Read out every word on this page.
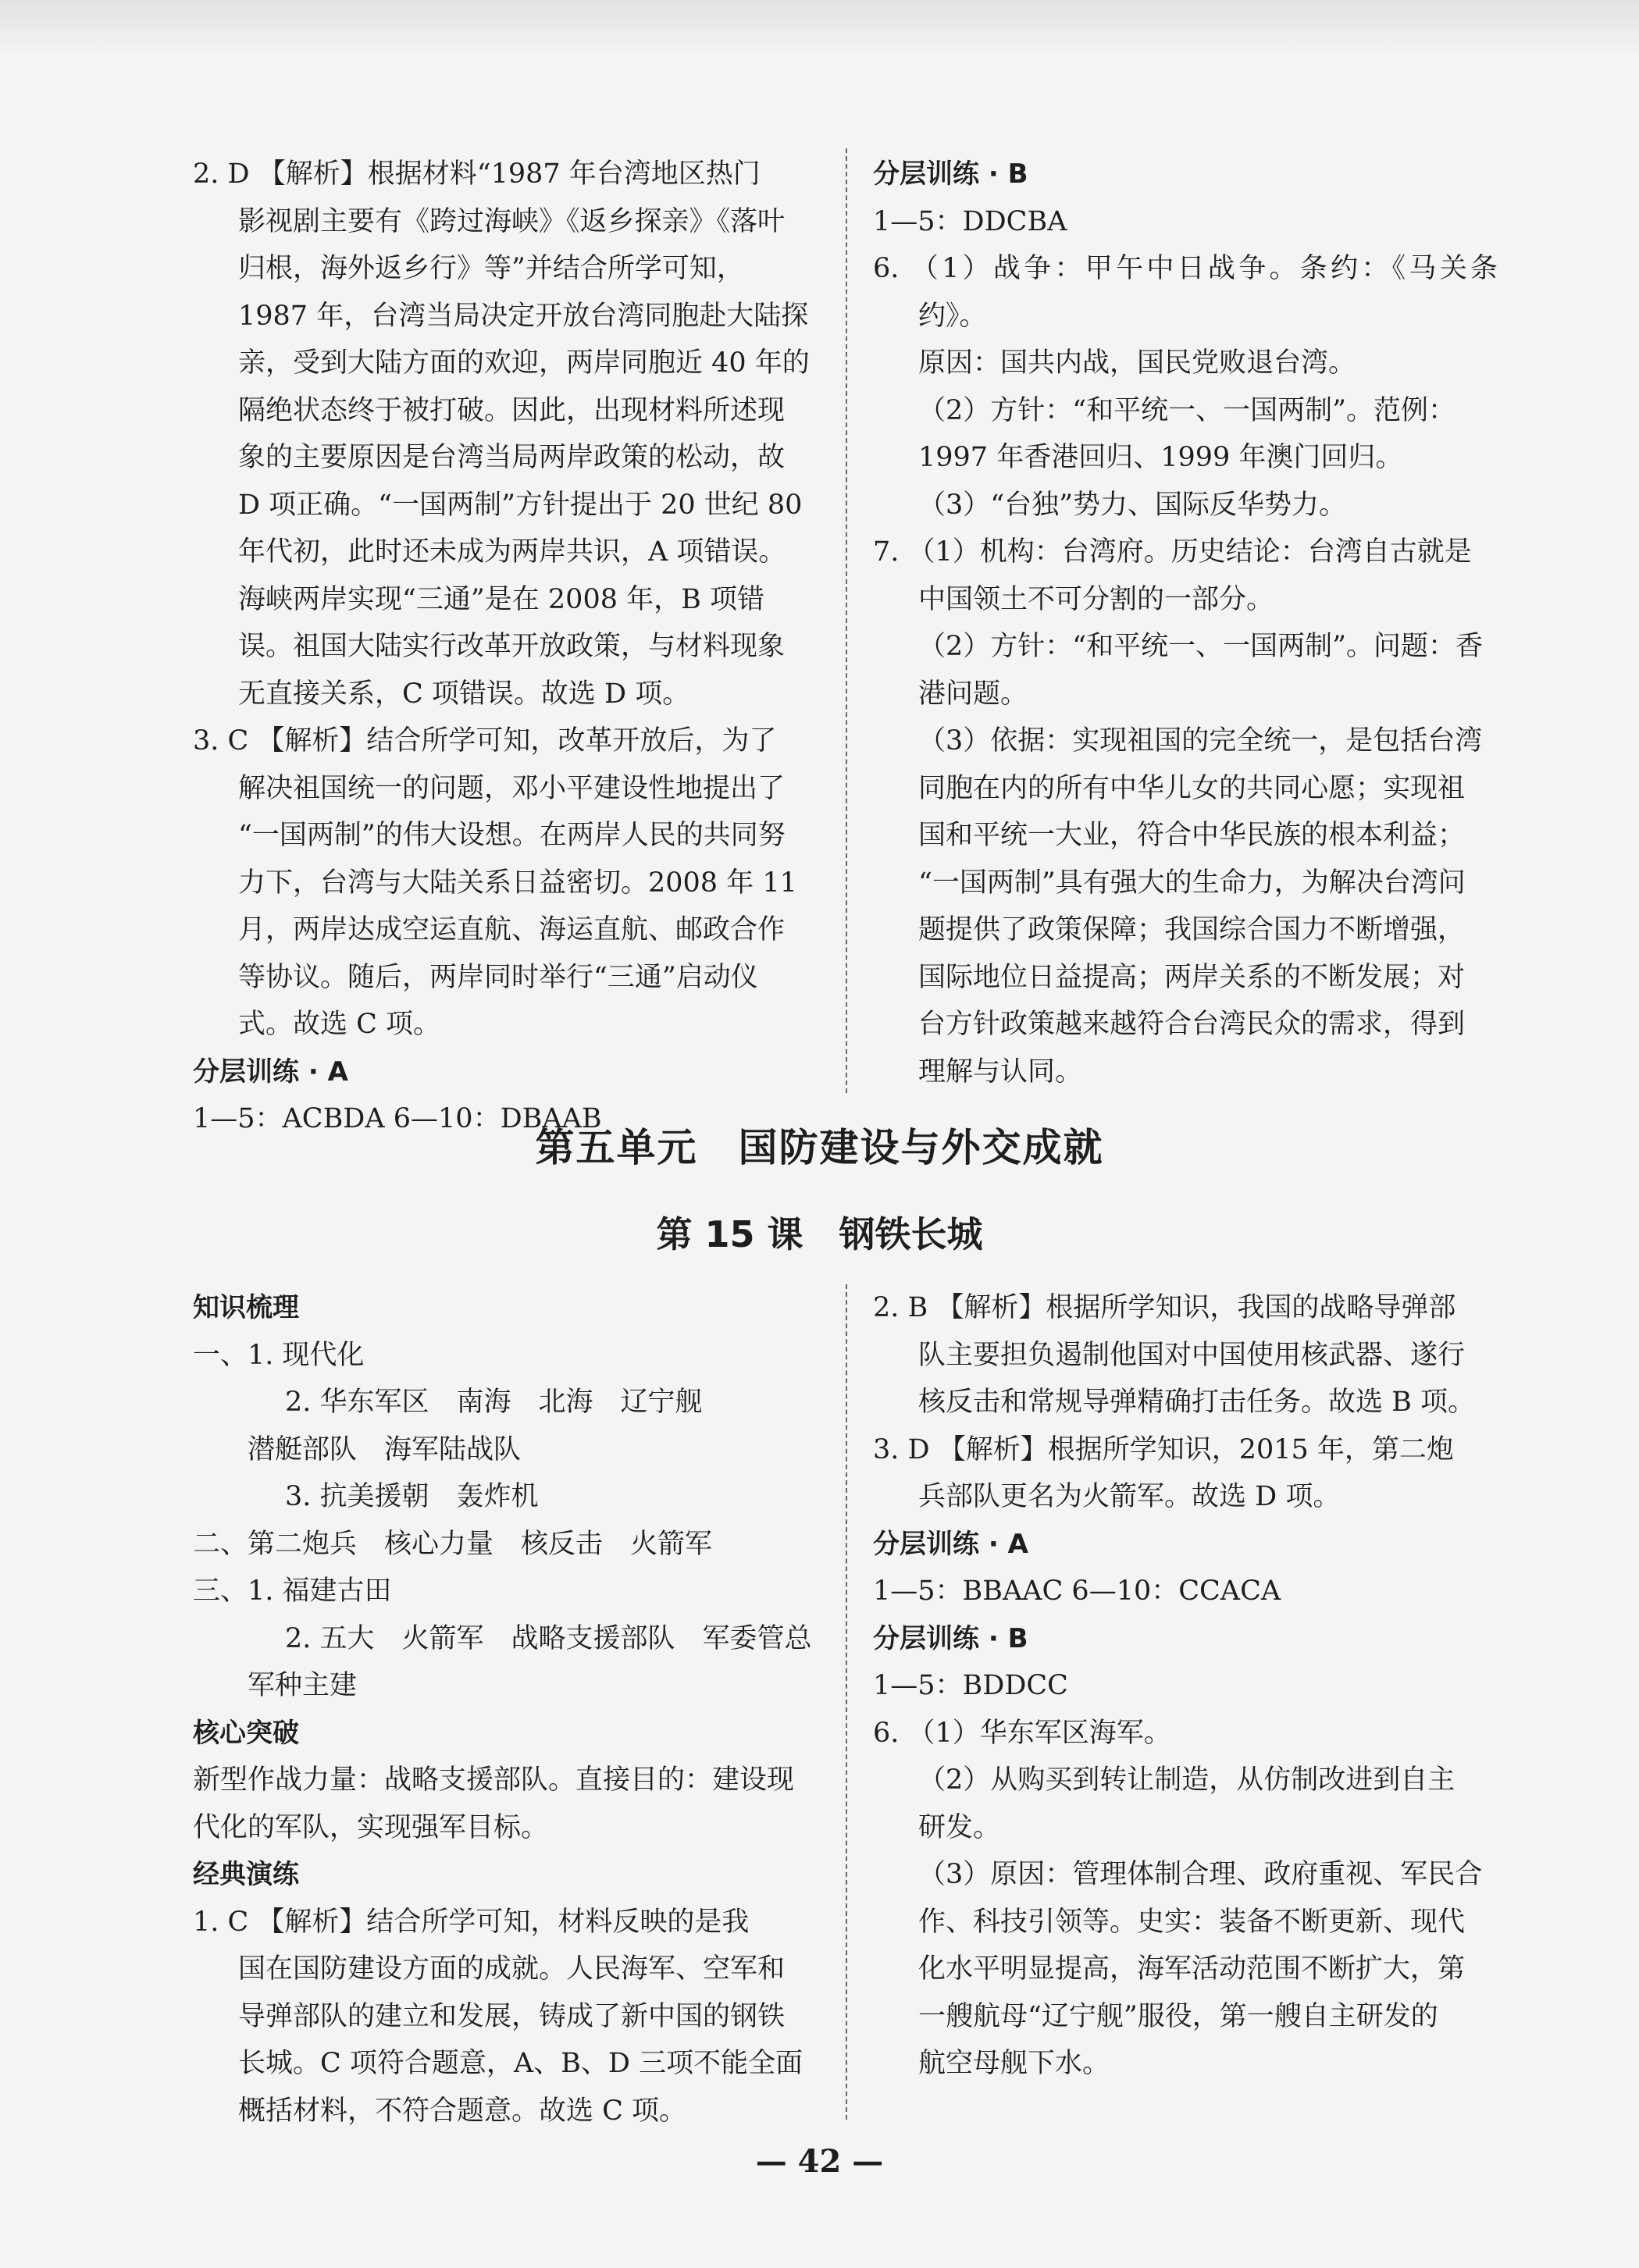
2. D 【解析】根据材料“1987 年台湾地区热门

影视剧主要有《跨过海峡》《返乡探亲》《落叶

归根，海外返乡行》等”并结合所学可知，

1987 年，台湾当局决定开放台湾同胞赴大陆探

亲，受到大陆方面的欢迎，两岸同胞近 40 年的

隔绝状态终于被打破。因此，出现材料所述现

象的主要原因是台湾当局两岸政策的松动，故

D 项正确。“一国两制”方针提出于 20 世纪 80

年代初，此时还未成为两岸共识，A 项错误。

海峡两岸实现“三通”是在 2008 年，B 项错

误。祖国大陆实行改革开放政策，与材料现象

无直接关系，C 项错误。故选 D 项。

3. C 【解析】结合所学可知，改革开放后，为了

解决祖国统一的问题，邓小平建设性地提出了

“一国两制”的伟大设想。在两岸人民的共同努

力下，台湾与大陆关系日益密切。2008 年 11

月，两岸达成空运直航、海运直航、邮政合作

等协议。随后，两岸同时举行“三通”启动仪

式。故选 C 项。

分层训练 · A

1—5：ACBDA 6—10：DBAAB

分层训练 · B

1—5：DDCBA

6. （1）战争：甲午中日战争。条约：《马关条约》。

原因：国共内战，国民党败退台湾。

（2）方针：“和平统一、一国两制”。范例：

1997 年香港回归、1999 年澳门回归。

（3）“台独”势力、国际反华势力。

7. （1）机构：台湾府。历史结论：台湾自古就是

中国领土不可分割的一部分。

（2）方针：“和平统一、一国两制”。问题：香

港问题。

（3）依据：实现祖国的完全统一，是包括台湾

同胞在内的所有中华儿女的共同心愿；实现祖

国和平统一大业，符合中华民族的根本利益；

“一国两制”具有强大的生命力，为解决台湾问

题提供了政策保障；我国综合国力不断增强，

国际地位日益提高；两岸关系的不断发展；对

台方针政策越来越符合台湾民众的需求，得到

理解与认同。

第五单元　国防建设与外交成就
第 15 课　钢铁长城

知识梳理

一、1. 现代化

2. 华东军区　南海　北海　辽宁舰

潜艇部队　海军陆战队

3. 抗美援朝　轰炸机

二、第二炮兵　核心力量　核反击　火箭军

三、1. 福建古田

2. 五大　火箭军　战略支援部队　军委管总

军种主建

核心突破

新型作战力量：战略支援部队。直接目的：建设现

代化的军队，实现强军目标。

经典演练

1. C 【解析】结合所学可知，材料反映的是我

国在国防建设方面的成就。人民海军、空军和

导弹部队的建立和发展，铸成了新中国的钢铁

长城。C 项符合题意，A、B、D 三项不能全面

概括材料，不符合题意。故选 C 项。

2. B 【解析】根据所学知识，我国的战略导弹部

队主要担负遏制他国对中国使用核武器、遂行

核反击和常规导弹精确打击任务。故选 B 项。

3. D 【解析】根据所学知识，2015 年，第二炮

兵部队更名为火箭军。故选 D 项。

分层训练 · A

1—5：BBAAC 6—10：CCACA

分层训练 · B

1—5：BDDCC

6. （1）华东军区海军。

（2）从购买到转让制造，从仿制改进到自主

研发。

（3）原因：管理体制合理、政府重视、军民合

作、科技引领等。史实：装备不断更新、现代

化水平明显提高，海军活动范围不断扩大，第

一艘航母“辽宁舰”服役，第一艘自主研发的

航空母舰下水。

— 42 —
